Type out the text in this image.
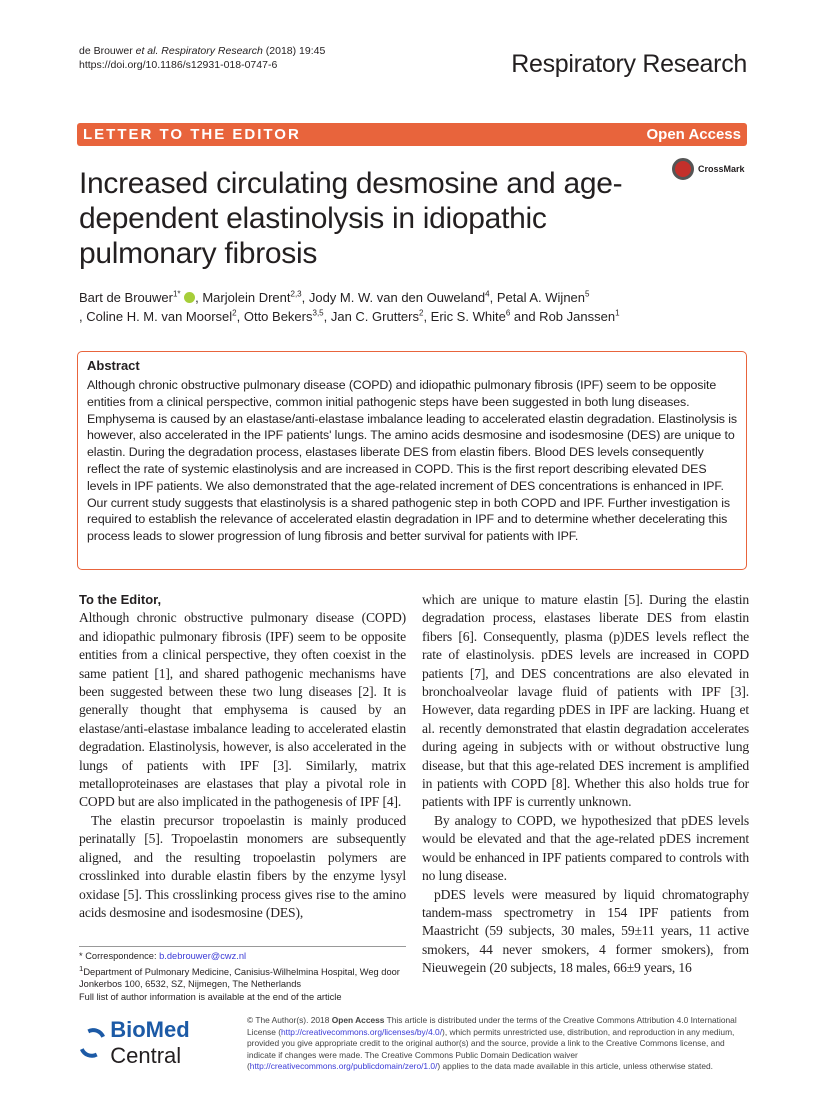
de Brouwer et al. Respiratory Research (2018) 19:45
https://doi.org/10.1186/s12931-018-0747-6	Respiratory Research
LETTER TO THE EDITOR	Open Access
CrossMark
Increased circulating desmosine and age-dependent elastinolysis in idiopathic pulmonary fibrosis
Bart de Brouwer$^{1*}$ , Marjolein Drent$^{2,3}$, Jody M. W. van den Ouweland$^4$, Petal A. Wijnen$^5$
, Coline H. M. van Moorsel$^2$, Otto Bekers$^{3,5}$, Jan C. Grutters$^2$, Eric S. White$^6$ and Rob Janssen$^1$
Abstract

Although chronic obstructive pulmonary disease (COPD) and idiopathic pulmonary fibrosis (IPF) seem to be opposite entities from a clinical perspective, common initial pathogenic steps have been suggested in both lung diseases. Emphysema is caused by an elastase/anti-elastase imbalance leading to accelerated elastin degradation. Elastinolysis is however, also accelerated in the IPF patients' lungs. The amino acids desmosine and isodesmosine (DES) are unique to elastin. During the degradation process, elastases liberate DES from elastin fibers. Blood DES levels consequently reflect the rate of systemic elastinolysis and are increased in COPD. This is the first report describing elevated DES levels in IPF patients. We also demonstrated that the age-related increment of DES concentrations is enhanced in IPF. Our current study suggests that elastinolysis is a shared pathogenic step in both COPD and IPF. Further investigation is required to establish the relevance of accelerated elastin degradation in IPF and to determine whether decelerating this process leads to slower progression of lung fibrosis and better survival for patients with IPF.

To the Editor,

Although chronic obstructive pulmonary disease (COPD) and idiopathic pulmonary fibrosis (IPF) seem to be opposite entities from a clinical perspective, they often coexist in the same patient [1], and shared pathogenic mechanisms have been suggested between these two lung diseases [2]. It is generally thought that emphysema is caused by an elastase/anti-elastase imbalance leading to accelerated elastin degradation. Elastinolysis, however, is also accelerated in the lungs of patients with IPF [3]. Similarly, matrix metalloproteinases are elastases that play a pivotal role in COPD but are also implicated in the pathogenesis of IPF [4].

The elastin precursor tropoelastin is mainly produced perinatally [5]. Tropoelastin monomers are subsequently aligned, and the resulting tropoelastin polymers are crosslinked into durable elastin fibers by the enzyme lysyl oxidase [5]. This crosslinking process gives rise to the amino acids desmosine and isodesmosine (DES),

* Correspondence: b.debrouwer@cwz.nl
$^1$Department of Pulmonary Medicine, Canisius-Wilhelmina Hospital, Weg door Jonkerbos 100, 6532, SZ, Nijmegen, The Netherlands
Full list of author information is available at the end of the article

which are unique to mature elastin [5]. During the elastin degradation process, elastases liberate DES from elastin fibers [6]. Consequently, plasma (p)DES levels reflect the rate of elastinolysis. pDES levels are increased in COPD patients [7], and DES concentrations are also elevated in bronchoalveolar lavage fluid of patients with IPF [3]. However, data regarding pDES in IPF are lacking. Huang et al. recently demonstrated that elastin degradation accelerates during ageing in subjects with or without obstructive lung disease, but that this age-related DES increment is amplified in patients with COPD [8]. Whether this also holds true for patients with IPF is currently unknown.

By analogy to COPD, we hypothesized that pDES levels would be elevated and that the age-related pDES increment would be enhanced in IPF patients compared to controls with no lung disease.

pDES levels were measured by liquid chromatography tandem-mass spectrometry in 154 IPF patients from Maastricht (59 subjects, 30 males, 59±11 years, 11 active smokers, 44 never smokers, 4 former smokers), from Nieuwegein (20 subjects, 18 males, 66±9 years, 16

BioMed Central
© The Author(s). 2018 Open Access This article is distributed under the terms of the Creative Commons Attribution 4.0 International License (http://creativecommons.org/licenses/by/4.0/), which permits unrestricted use, distribution, and reproduction in any medium, provided you give appropriate credit to the original author(s) and the source, provide a link to the Creative Commons license, and indicate if changes were made. The Creative Commons Public Domain Dedication waiver (http://creativecommons.org/publicdomain/zero/1.0/) applies to the data made available in this article, unless otherwise stated.
